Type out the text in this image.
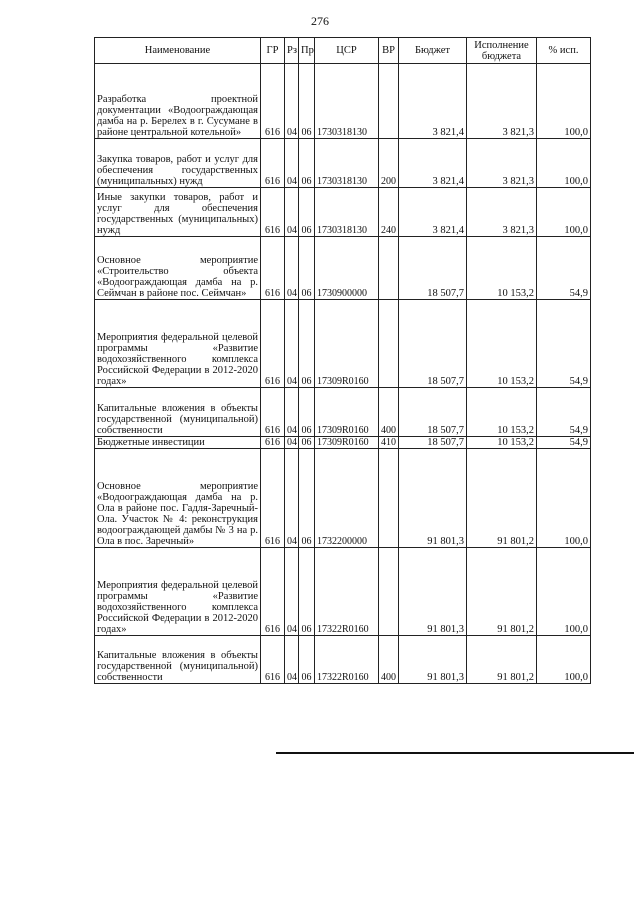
276
Наименование	ГР	Рз	Пр	ЦСР	ВР	Бюджет	Исполнение бюджета	% исп.
Разработка проектной документации «Водоограждающая дамба на р. Берелех в г. Сусумане в районе центральной котельной»	616	04	06	1730318130		3 821,4	3 821,3	100,0
Закупка товаров, работ и услуг для обеспечения государственных (муниципальных) нужд	616	04	06	1730318130	200	3 821,4	3 821,3	100,0
Иные закупки товаров, работ и услуг для обеспечения государственных (муниципальных) нужд	616	04	06	1730318130	240	3 821,4	3 821,3	100,0
Основное мероприятие «Строительство объекта «Водоограждающая дамба на р. Сеймчан в районе пос. Сеймчан»	616	04	06	1730900000		18 507,7	10 153,2	54,9
Мероприятия федеральной целевой программы «Развитие водохозяйственного комплекса Российской Федерации в 2012-2020 годах»	616	04	06	17309R0160		18 507,7	10 153,2	54,9
Капитальные вложения в объекты государственной (муниципальной) собственности	616	04	06	17309R0160	400	18 507,7	10 153,2	54,9
Бюджетные инвестиции	616	04	06	17309R0160	410	18 507,7	10 153,2	54,9
Основное мероприятие «Водоограждающая дамба на р. Ола в районе пос. Гадля-Заречный-Ола. Участок № 4: реконструкция водоограждающей дамбы № 3 на р. Ола в пос. Заречный»	616	04	06	1732200000		91 801,3	91 801,2	100,0
Мероприятия федеральной целевой программы «Развитие водохозяйственного комплекса Российской Федерации в 2012-2020 годах»	616	04	06	17322R0160		91 801,3	91 801,2	100,0
Капитальные вложения в объекты государственной (муниципальной) собственности	616	04	06	17322R0160	400	91 801,3	91 801,2	100,0
